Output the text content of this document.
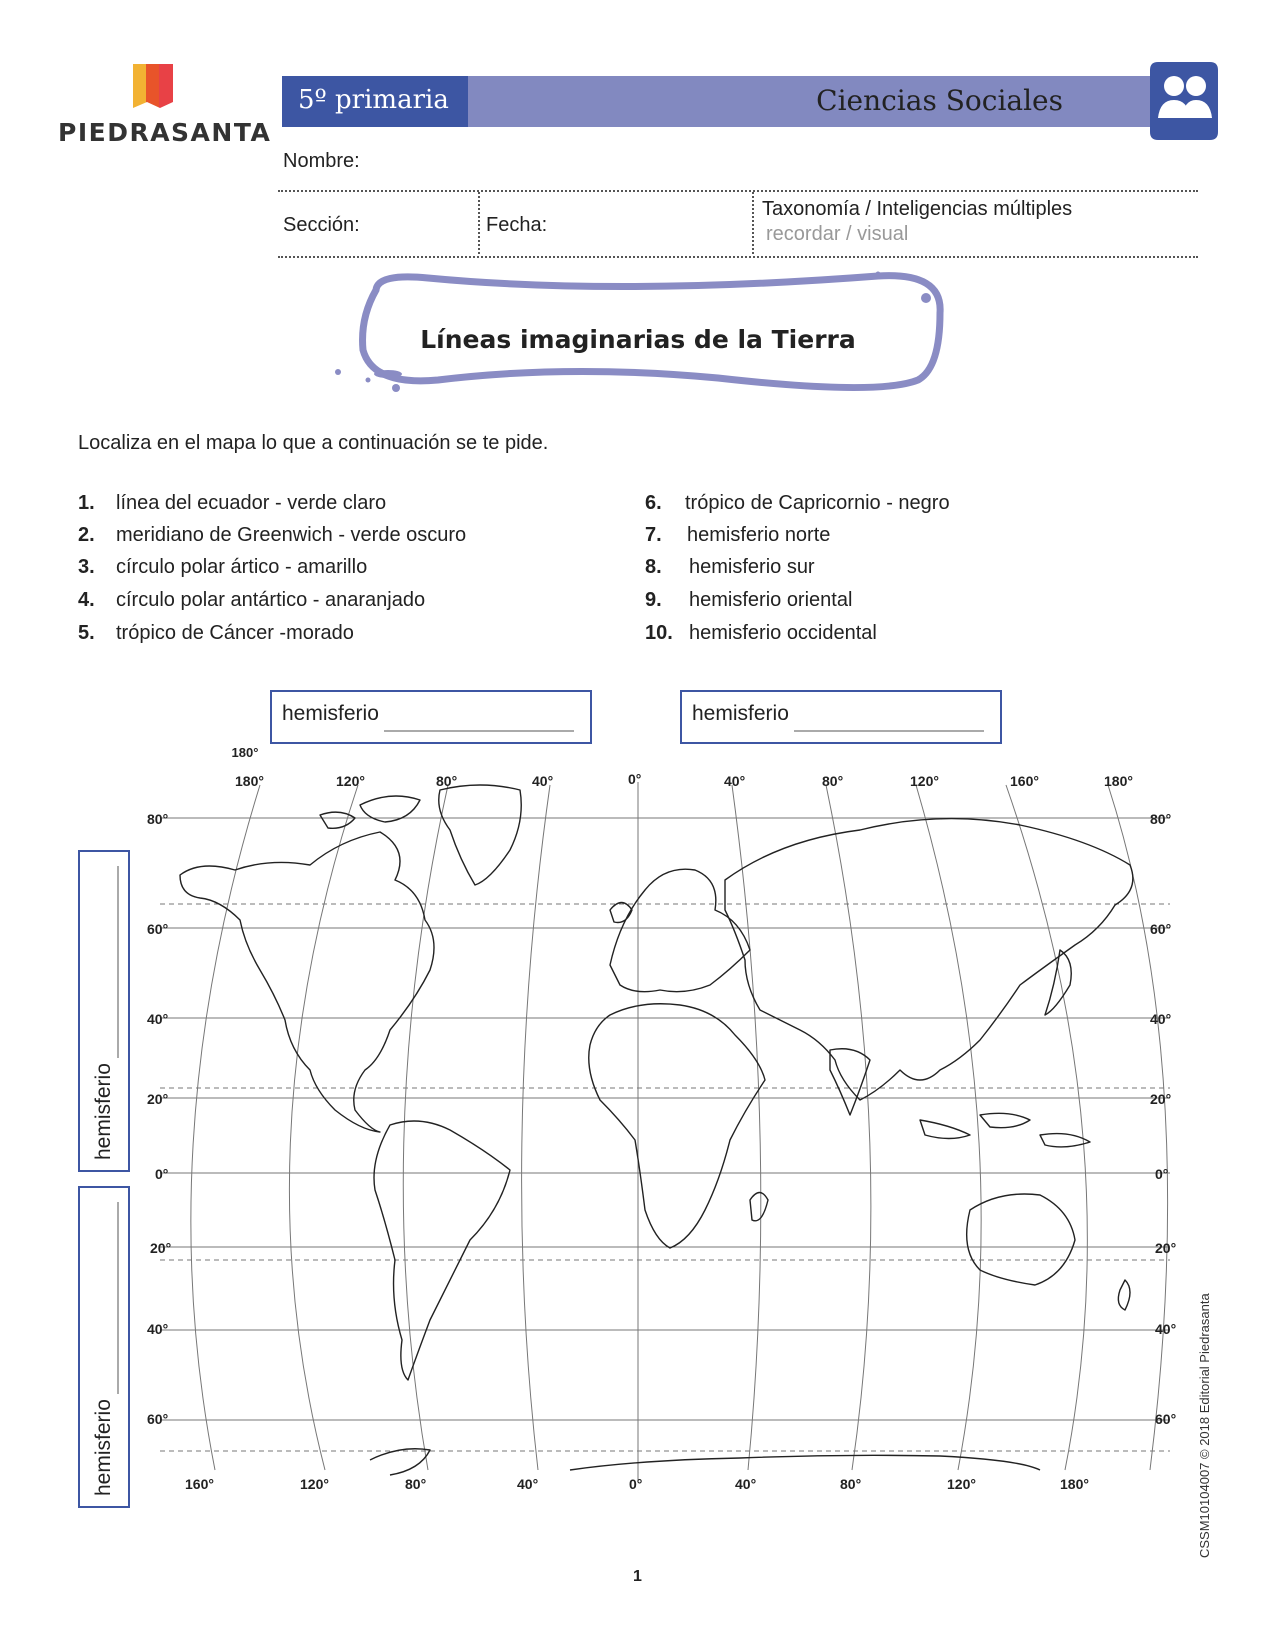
PIEDRASANTA
5º primaria	Ciencias Sociales
Nombre:
Sección:	Fecha:
Taxonomía / Inteligencias múltiples
recordar / visual
Líneas imaginarias de la Tierra
Localiza en el mapa lo que a continuación se te pide.
1. línea del ecuador - verde claro
2. meridiano de Greenwich - verde oscuro
3. círculo polar ártico - amarillo
4. círculo polar antártico - anaranjado
5. trópico de Cáncer -morado
6. trópico de Capricornio - negro
7. hemisferio norte
8. hemisferio sur
9. hemisferio oriental
10. hemisferio occidental
hemisferio	hemisferio
hemisferio
hemisferio
180°
180°	120°	80°	40°	0°	40°	80°	120°	160°	180°
160°	120°	80°	40°	0°	40°	80°	120°	180°
80°
60°
40°
20°
0°
20°
40°
60°
80°
60°
40°
20°
0°
20°
40°
60°
1
CSSM10104007 © 2018 Editorial Piedrasanta
